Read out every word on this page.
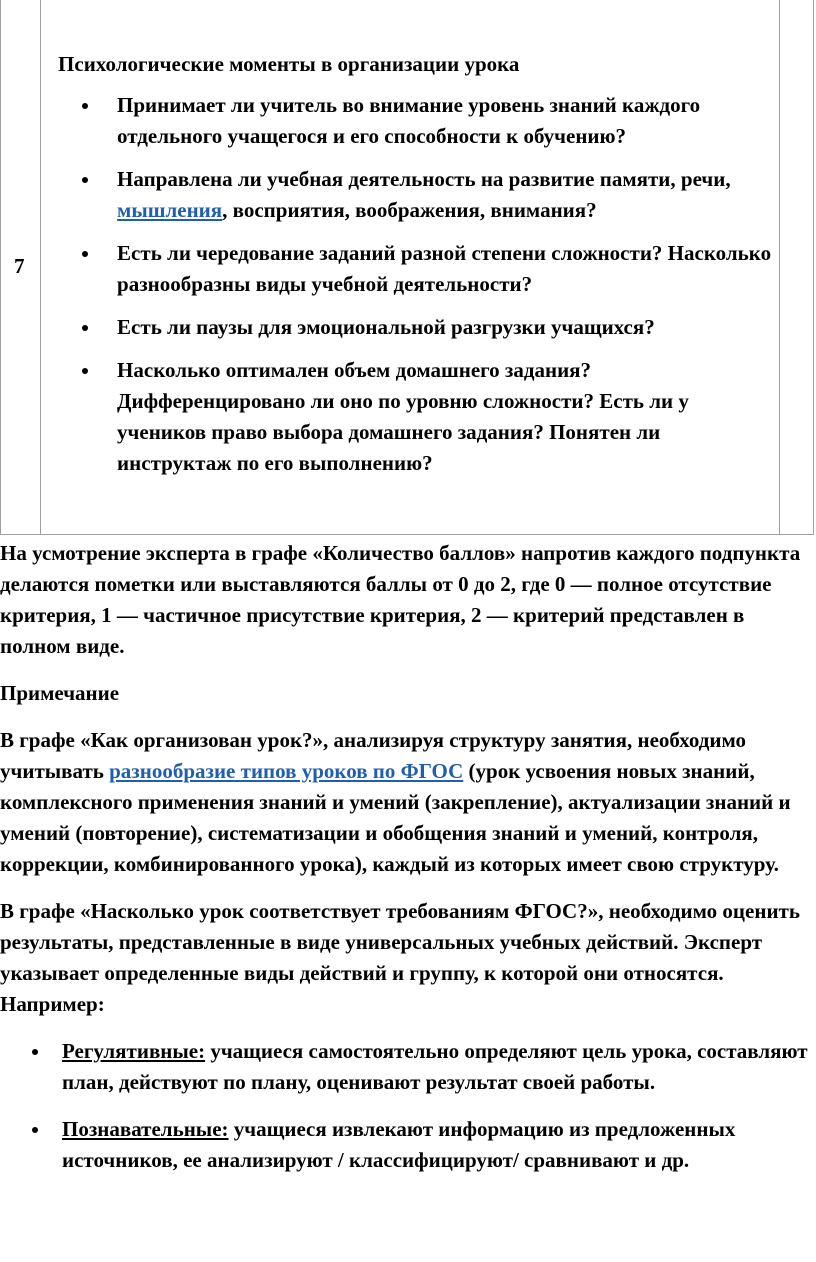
7

Психологические моменты в организации урока
Принимает ли учитель во внимание уровень знаний каждого отдельного учащегося и его способности к обучению?
Направлена ли учебная деятельность на развитие памяти, речи, мышления, восприятия, воображения, внимания?
Есть ли чередование заданий разной степени сложности? Насколько разнообразны виды учебной деятельности?
Есть ли паузы для эмоциональной разгрузки учащихся?
Насколько оптимален объем домашнего задания? Дифференцировано ли оно по уровню сложности? Есть ли у учеников право выбора домашнего задания? Понятен ли инструктаж по его выполнению?

На усмотрение эксперта в графе «Количество баллов» напротив каждого подпункта делаются пометки или выставляются баллы от 0 до 2, где 0 — полное отсутствие критерия, 1 — частичное присутствие критерия, 2 — критерий представлен в полном виде.

Примечание

В графе «Как организован урок?», анализируя структуру занятия, необходимо учитывать разнообразие типов уроков по ФГОС (урок усвоения новых знаний, комплексного применения знаний и умений (закрепление), актуализации знаний и умений (повторение), систематизации и обобщения знаний и умений, контроля, коррекции, комбинированного урока), каждый из которых имеет свою структуру.

В графе «Насколько урок соответствует требованиям ФГОС?», необходимо оценить результаты, представленные в виде универсальных учебных действий. Эксперт указывает определенные виды действий и группу, к которой они относятся. Например:

Регулятивные: учащиеся самостоятельно определяют цель урока, составляют план, действуют по плану, оценивают результат своей работы.
Познавательные: учащиеся извлекают информацию из предложенных источников, ее анализируют / классифицируют/ сравнивают и др.
